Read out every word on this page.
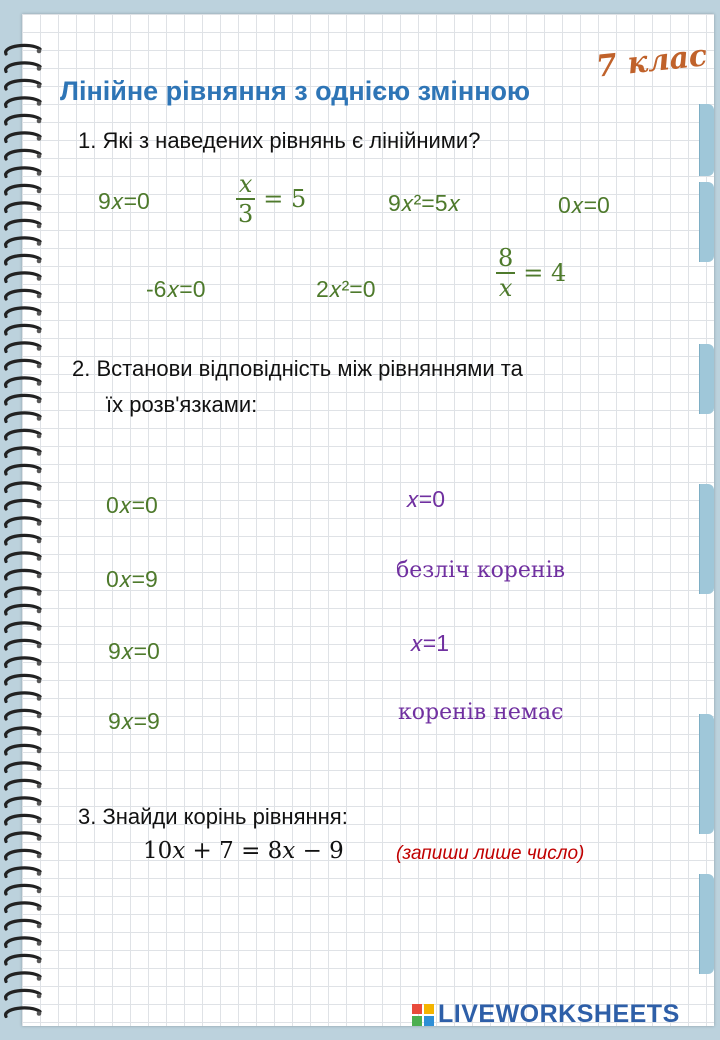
Лінійне рівняння з однією змінною
7 клас
1. Які з наведених рівнянь є лінійними?
9𝑥=0
𝑥
3
= 5	9𝑥²=5𝑥	0𝑥=0
-6𝑥=0	2𝑥²=0
8
𝑥
= 4
2. Встанови відповідність між рівняннями та
їх розв'язками:
0𝑥=0
0𝑥=9
9𝑥=0
9𝑥=9
𝑥=0
безліч коренів
𝑥=1
коренів немає
3. Знайди корінь рівняння:
10𝑥 + 7 = 8𝑥 − 9	(запиши лише число)
LIVEWORKSHEETS
